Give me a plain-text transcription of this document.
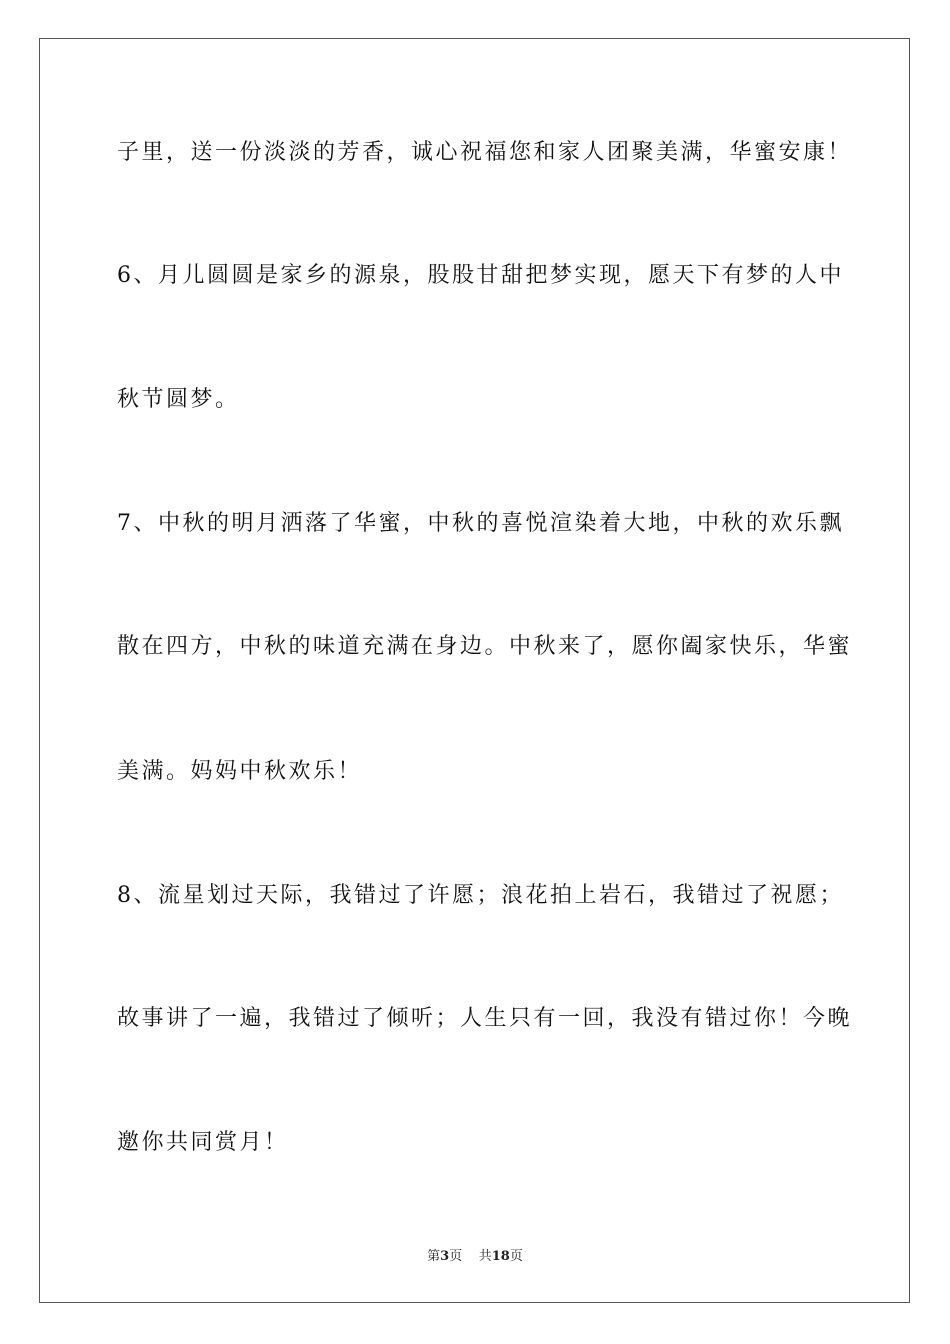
子里，送一份淡淡的芳香，诚心祝福您和家人团聚美满，华蜜安康！
6、月儿圆圆是家乡的源泉，股股甘甜把梦实现，愿天下有梦的人中
秋节圆梦。
7、中秋的明月洒落了华蜜，中秋的喜悦渲染着大地，中秋的欢乐飘
散在四方，中秋的味道充满在身边。中秋来了，愿你阖家快乐，华蜜
美满。妈妈中秋欢乐！
8、流星划过天际，我错过了许愿；浪花拍上岩石，我错过了祝愿；
故事讲了一遍，我错过了倾听；人生只有一回，我没有错过你！今晚
邀你共同赏月！
第3页 共18页
